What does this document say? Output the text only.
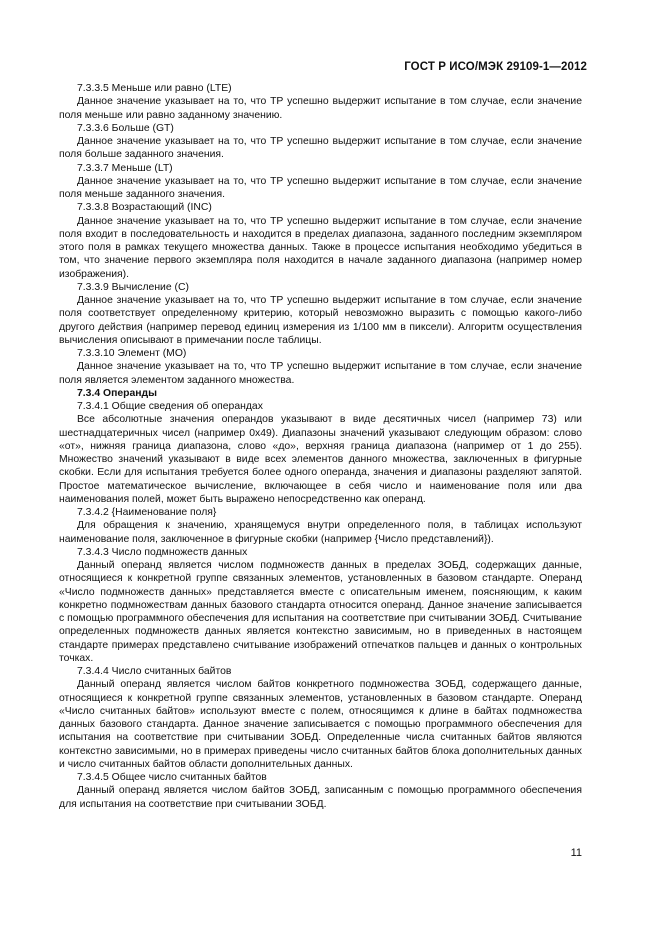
ГОСТ Р ИСО/МЭК 29109-1—2012

7.3.3.5 Меньше или равно (LTE)

Данное значение указывает на то, что ТР успешно выдержит испытание в том случае, если значение поля меньше или равно заданному значению.

7.3.3.6 Больше (GT)

Данное значение указывает на то, что ТР успешно выдержит испытание в том случае, если значение поля больше заданного значения.

7.3.3.7 Меньше (LT)

Данное значение указывает на то, что ТР успешно выдержит испытание в том случае, если значение поля меньше заданного значения.

7.3.3.8 Возрастающий (INC)

Данное значение указывает на то, что ТР успешно выдержит испытание в том случае, если значение поля входит в последовательность и находится в пределах диапазона, заданного последним экземпляром этого поля в рамках текущего множества данных. Также в процессе испытания необходимо убедиться в том, что значение первого экземпляра поля находится в начале заданного диапазона (например номер изображения).

7.3.3.9 Вычисление (C)

Данное значение указывает на то, что ТР успешно выдержит испытание в том случае, если значение поля соответствует определенному критерию, который невозможно выразить с помощью какого-либо другого действия (например перевод единиц измерения из 1/100 мм в пиксели). Алгоритм осуществления вычисления описывают в примечании после таблицы.

7.3.3.10 Элемент (MO)

Данное значение указывает на то, что ТР успешно выдержит испытание в том случае, если значение поля является элементом заданного множества.

7.3.4 Операнды

7.3.4.1 Общие сведения об операндах

Все абсолютные значения операндов указывают в виде десятичных чисел (например 73) или шестнадцатеричных чисел (например 0х49). Диапазоны значений указывают следующим образом: слово «от», нижняя граница диапазона, слово «до», верхняя граница диапазона (например от 1 до 255). Множество значений указывают в виде всех элементов данного множества, заключенных в фигурные скобки. Если для испытания требуется более одного операнда, значения и диапазоны разделяют запятой. Простое математическое вычисление, включающее в себя число и наименование поля или два наименования полей, может быть выражено непосредственно как операнд.

7.3.4.2 {Наименование поля}

Для обращения к значению, хранящемуся внутри определенного поля, в таблицах используют наименование поля, заключенное в фигурные скобки (например {Число представлений}).

7.3.4.3 Число подмножеств данных

Данный операнд является числом подмножеств данных в пределах ЗОБД, содержащих данные, относящиеся к конкретной группе связанных элементов, установленных в базовом стандарте. Операнд «Число подмножеств данных» представляется вместе с описательным именем, поясняющим, к каким конкретно подмножествам данных базового стандарта относится операнд. Данное значение записывается с помощью программного обеспечения для испытания на соответствие при считывании ЗОБД. Считывание определенных подмножеств данных является контекстно зависимым, но в приведенных в настоящем стандарте примерах представлено считывание изображений отпечатков пальцев и данных о контрольных точках.

7.3.4.4 Число считанных байтов

Данный операнд является числом байтов конкретного подмножества ЗОБД, содержащего данные, относящиеся к конкретной группе связанных элементов, установленных в базовом стандарте. Операнд «Число считанных байтов» используют вместе с полем, относящимся к длине в байтах подмножества данных базового стандарта. Данное значение записывается с помощью программного обеспечения для испытания на соответствие при считывании ЗОБД. Определенные числа считанных байтов являются контекстно зависимыми, но в примерах приведены число считанных байтов блока дополнительных данных и число считанных байтов области дополнительных данных.

7.3.4.5 Общее число считанных байтов

Данный операнд является числом байтов ЗОБД, записанным с помощью программного обеспечения для испытания на соответствие при считывании ЗОБД.

11
